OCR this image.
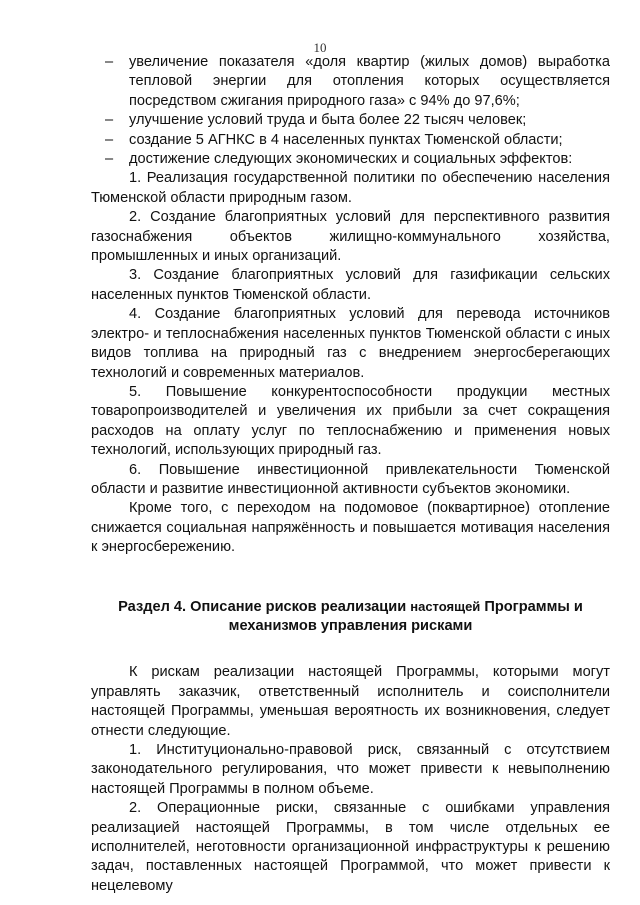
10
– увеличение показателя «доля квартир (жилых домов) выработка тепловой энергии для отопления которых осуществляется посредством сжигания природного газа» с 94% до 97,6%;
– улучшение условий труда и быта более 22 тысяч человек;
– создание 5 АГНКС в 4 населенных пунктах Тюменской области;
– достижение следующих экономических и социальных эффектов:
1. Реализация государственной политики по обеспечению населения Тюменской области природным газом.
2. Создание благоприятных условий для перспективного развития газоснабжения объектов жилищно-коммунального хозяйства, промышленных и иных организаций.
3. Создание благоприятных условий для газификации сельских населенных пунктов Тюменской области.
4. Создание благоприятных условий для перевода источников электро- и теплоснабжения населенных пунктов Тюменской области с иных видов топлива на природный газ с внедрением энергосберегающих технологий и современных материалов.
5. Повышение конкурентоспособности продукции местных товаропроизводителей и увеличения их прибыли за счет сокращения расходов на оплату услуг по теплоснабжению и применения новых технологий, использующих природный газ.
6. Повышение инвестиционной привлекательности Тюменской области и развитие инвестиционной активности субъектов экономики.
Кроме того, с переходом на подомовое (поквартирное) отопление снижается социальная напряжённость и повышается мотивация населения к энергосбережению.
Раздел 4. Описание рисков реализации настоящей Программы и механизмов управления рисками
К рискам реализации настоящей Программы, которыми могут управлять заказчик, ответственный исполнитель и соисполнители настоящей Программы, уменьшая вероятность их возникновения, следует отнести следующие.
1. Институционально-правовой риск, связанный с отсутствием законодательного регулирования, что может привести к невыполнению настоящей Программы в полном объеме.
2. Операционные риски, связанные с ошибками управления реализацией настоящей Программы, в том числе отдельных ее исполнителей, неготовности организационной инфраструктуры к решению задач, поставленных настоящей Программой, что может привести к нецелевому
